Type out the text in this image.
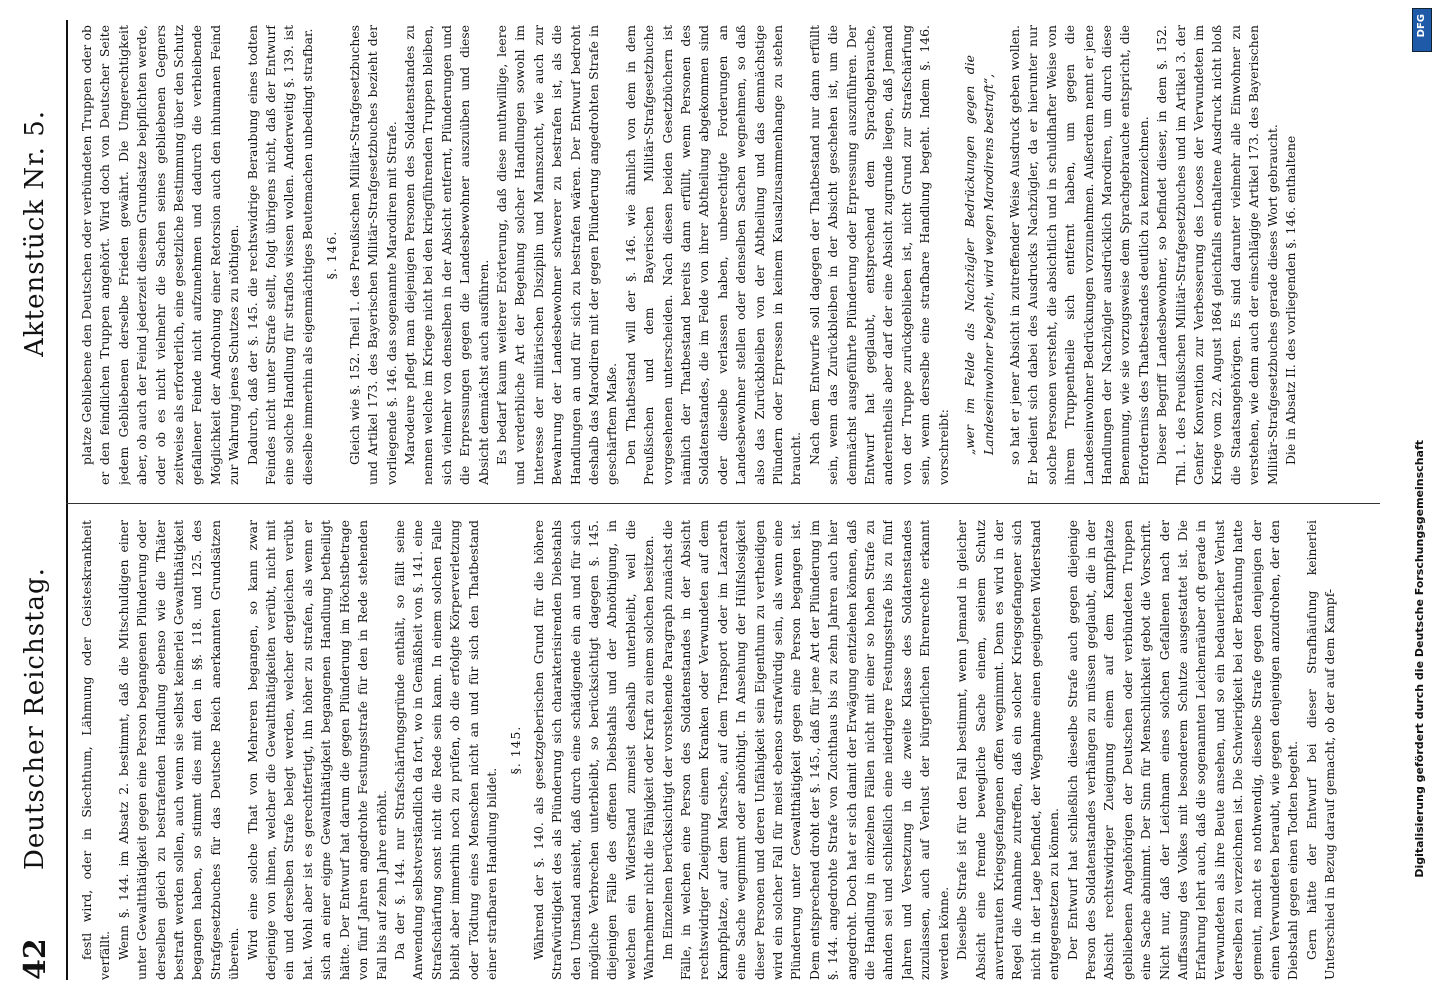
42
Deutscher Reichstag.
Aktenstück Nr. 5.

festl wird, oder in Siechthum, Lähmung oder Geisteskrankheit verfällt. Wenn §. 144. im Absatz 2. bestimmt, daß die Mitschuldigen einer unter Gewaltthätigkeit gegen eine Person begangenen Plünderung oder derselben gleich zu bestrafenden Handlung ebenso wie die Thäter bestraft werden sollen, auch wenn sie selbst keinerlei Gewaltthätigkeit begangen haben, so stimmt dies mit den in §§. 118. und 125. des Strafgesetzbuches für das Deutsche Reich anerkannten Grundsätzen überein. Wird eine solche That von Mehreren begangen, so kann zwar derjenige von ihnen, welcher die Gewaltthätigkeiten verübt, nicht mit ein und derselben Strafe belegt werden, welcher dergleichen verübt hat. Wohl aber ist es gerechtfertigt, ihn höher zu strafen, als wenn er sich an einer eigne Gewaltthätigkeit begangenen Handlung betheiligt hätte. Der Entwurf hat darum die gegen Plünderung im Höchstbetrage von fünf Jahren angedrohte Festungsstrafe für den in Rede stehenden Fall bis auf zehn Jahre erhöht. Da der §. 144. nur Strafschärfungsgründe enthält, so fällt seine Anwendung selbstverständlich da fort, wo in Gemäßheit von §. 141. eine Strafschärfung sonst nicht die Rede sein kann. In einem solchen Falle bleibt aber immerhin noch zu prüfen, ob die erfolgte Körperverletzung oder Tödtung eines Menschen nicht an und für sich den Thatbestand einer strafbaren Handlung bildet.

§. 145. Während der §. 140. als gesetzgeberischen Grund für die höhere Strafwürdigkeit des als Plünderung sich charakterisirenden Diebstahls den Umstand ansieht, daß durch eine schädigende ein an und für sich mögliche Verbrechen unterbleibt, so berücksichtigt dagegen §. 145. diejenigen Fälle des offenen Diebstahls und der Abnöthigung, in welchen ein Widerstand zumeist deshalb unterbleibt, weil die Wahrnehmer nicht die Fähigkeit oder Kraft zu einem solchen besitzen. Im Einzelnen berücksichtigt der vorstehende Paragraph zunächst die Fälle, in welchen eine Person des Soldatenstandes in der Absicht rechtswidriger Zueignung einem Kranken oder Verwundeten auf dem Kampfplatze, auf dem Marsche, auf dem Transport oder im Lazareth eine Sache wegnimmt oder abnöthigt. In Ansehung der Hülfslosigkeit dieser Personen und deren Unfähigkeit sein Eigenthum zu vertheidigen wird ein solcher Fall für meist ebenso strafwürdig sein, als wenn eine Plünderung unter Gewaltthätigkeit gegen eine Person begangen ist. Dem entsprechend droht der §. 145., daß für jene Art der Plünderung im §. 144. angedrohte Strafe von Zuchthaus bis zu zehn Jahren auch hier angedroht. Doch hat er sich damit der Erwägung entziehen können, daß die Handlung in einzelnen Fällen nicht mit einer so hohen Strafe zu ahnden sei und schließlich eine niedrigere Festungsstrafe bis zu fünf Jahren und Versetzung in die zweite Klasse des Soldatenstandes zuzulassen, auch auf Verlust der bürgerlichen Ehrenrechte erkannt werden könne. Dieselbe Strafe ist für den Fall bestimmt, wenn Jemand in gleicher Absicht eine fremde bewegliche Sache einem, seinem Schutz anvertrauten Kriegsgefangenen offen wegnimmt. Denn es wird in der Regel die Annahme zutreffen, daß ein solcher Kriegsgefangener sich nicht in der Lage befindet, der Wegnahme einen geeigneten Widerstand entgegensetzen zu können. Der Entwurf hat schließlich dieselbe Strafe auch gegen diejenige Person des Soldatenstandes verhängen zu müssen geglaubt, die in der Absicht rechtswidriger Zueignung einem auf dem Kampfplatze gebliebenen Angehörigen der Deutschen oder verbündeten Truppen eine Sache abnimmt. Der Sinn für Menschlichkeit gebot die Vorschrift. Nicht nur, daß der Leichnam eines solchen Gefallenen nach der Auffassung des Volkes mit besonderem Schutze ausgestattet ist. Die Erfahrung lehrt auch, daß die sogenannten Leichenräuber oft gerade in Verwundeten als ihre Beute ansehen, und so ein bedauerlicher Verlust derselben zu verzeichnen ist. Die Schwierigkeit bei der Berathung hatte gemeint, macht es nothwendig, dieselbe Strafe gegen denjenigen der einen Verwundeten beraubt, wie gegen denjenigen anzudrohen, der den Diebstahl gegen einen Todten begeht. Gern hätte der Entwurf bei dieser Strafhäufung keinerlei Unterschied in Bezug darauf gemacht, ob der auf dem Kampf-

platze Gebliebene den Deutschen oder verbündeten Truppen oder ob er den feindlichen Truppen angehört. Wird doch von Deutscher Seite jedem Gebliebenen derselbe Frieden gewährt. Die Umgerechtigkeit aber, ob auch der Feind jederzeit diesem Grundsatze beipflichten werde, oder ob es nicht vielmehr die Sachen seines gebliebenen Gegners zeitweise als erforderlich, eine gesetzliche Bestimmung über den Schutz gefallener Feinde nicht aufzunehmen und dadurch die verbleibende Möglichkeit der Androhung einer Retorsion auch den inhumanen Feind zur Wahrung jenes Schutzes zu nöthigen. Dadurch, daß der §. 145. die rechtswidrige Beraubung eines todten Feindes nicht unter Strafe stellt, folgt übrigens nicht, daß der Entwurf eine solche Handlung für straflos wissen wollen. Anderweitig §. 139. ist dieselbe immerhin als eigenmächtiges Beutemachen unbedingt strafbar. §. 146. Gleich wie §. 152. Theil 1. des Preußischen Militär-Strafgesetzbuches und Artikel 173. des Bayerischen Militär-Strafgesetzbuches bezieht der vorliegende §. 146. das sogenannte Marodiren mit Strafe. Marodeure pflegt man diejenigen Personen des Soldatenstandes zu nennen welche im Kriege nicht bei den kriegführenden Truppen bleiben, sich vielmehr von denselben in der Absicht entfernt, Plünderungen und die Erpressungen gegen die Landesbewohner auszuüben und diese Absicht demnächst auch ausführen. Es bedarf kaum weiterer Erörterung, daß diese muthwillige, leere und verderbliche Art der Begehung solcher Handlungen sowohl im Interesse der militärischen Disziplin und Mannszucht, wie auch zur Bewahrung der Landesbewohner schwerer zu bestrafen ist, als die Handlungen an und für sich zu bestrafen wären. Der Entwurf bedroht deshalb das Marodiren mit der gegen Plünderung angedrohten Strafe in geschärftem Maße. Den Thatbestand will der §. 146. wie ähnlich von dem in dem Preußischen und dem Bayerischen Militär-Strafgesetzbuche vorgesehenen unterscheiden. Nach diesen beiden Gesetzbüchern ist nämlich der Thatbestand bereits dann erfüllt, wenn Personen des Soldatenstandes, die im Felde von ihrer Abtheilung abgekommen sind oder dieselbe verlassen haben, unberechtigte Forderungen an Landesbewohner stellen oder denselben Sachen wegnehmen, so daß also das Zurückbleiben von der Abtheilung und das demnächstige Plündern oder Erpressen in keinem Kausalzusammenhange zu stehen braucht. Nach dem Entwurfe soll dagegen der Thatbestand nur dann erfüllt sein, wenn das Zurückbleiben in der Absicht geschehen ist, um die demnächst ausgeführte Plünderung oder Erpressung auszuführen. Der Entwurf hat geglaubt, entsprechend dem Sprachgebrauche, anderentheils aber darf der eine Absicht zugrunde liegen, daß Jemand von der Truppe zurückgeblieben ist, nicht Grund zur Strafschärfung sein, wenn derselbe eine strafbare Handlung begeht. Indem §. 146. vorschreibt: „wer im Felde als Nachzügler Bedrückungen gegen die Landeseinwohner begeht, wird wegen Marodirens bestraft“, so hat er jener Absicht in zutreffender Weise Ausdruck geben wollen. Er bedient sich dabei des Ausdrucks Nachzügler, da er hierunter nur solche Personen versteht, die absichtlich und in schuldhafter Weise von ihrem Truppentheile sich entfernt haben, um gegen die Landeseinwohner Bedrückungen vorzunehmen. Außerdem nennt er jene Handlungen der Nachzügler ausdrücklich Marodiren, um durch diese Benennung, wie sie vorzugsweise dem Sprachgebrauche entspricht, die Erforderniss des Thatbestandes deutlich zu kennzeichnen. Dieser Begriff Landesbewohner, so befindet dieser, in dem §. 152. Thl. 1. des Preußischen Militär-Strafgesetzbuches und im Artikel 3. der Genfer Konvention zur Verbesserung des Looses der Verwundeten im Kriege vom 22. August 1864 gleichfalls enthaltene Ausdruck nicht bloß die Staatsangehörigen. Es sind darunter vielmehr alle Einwohner zu verstehen, wie denn auch der einschlägige Artikel 173. des Bayerischen Militär-Strafgesetzbuches gerade dieses Wort gebraucht. Die in Absatz II. des vorliegenden §. 146. enthaltene

DFG
Digitalisierung gefördert durch die Deutsche Forschungsgemeinschaft
